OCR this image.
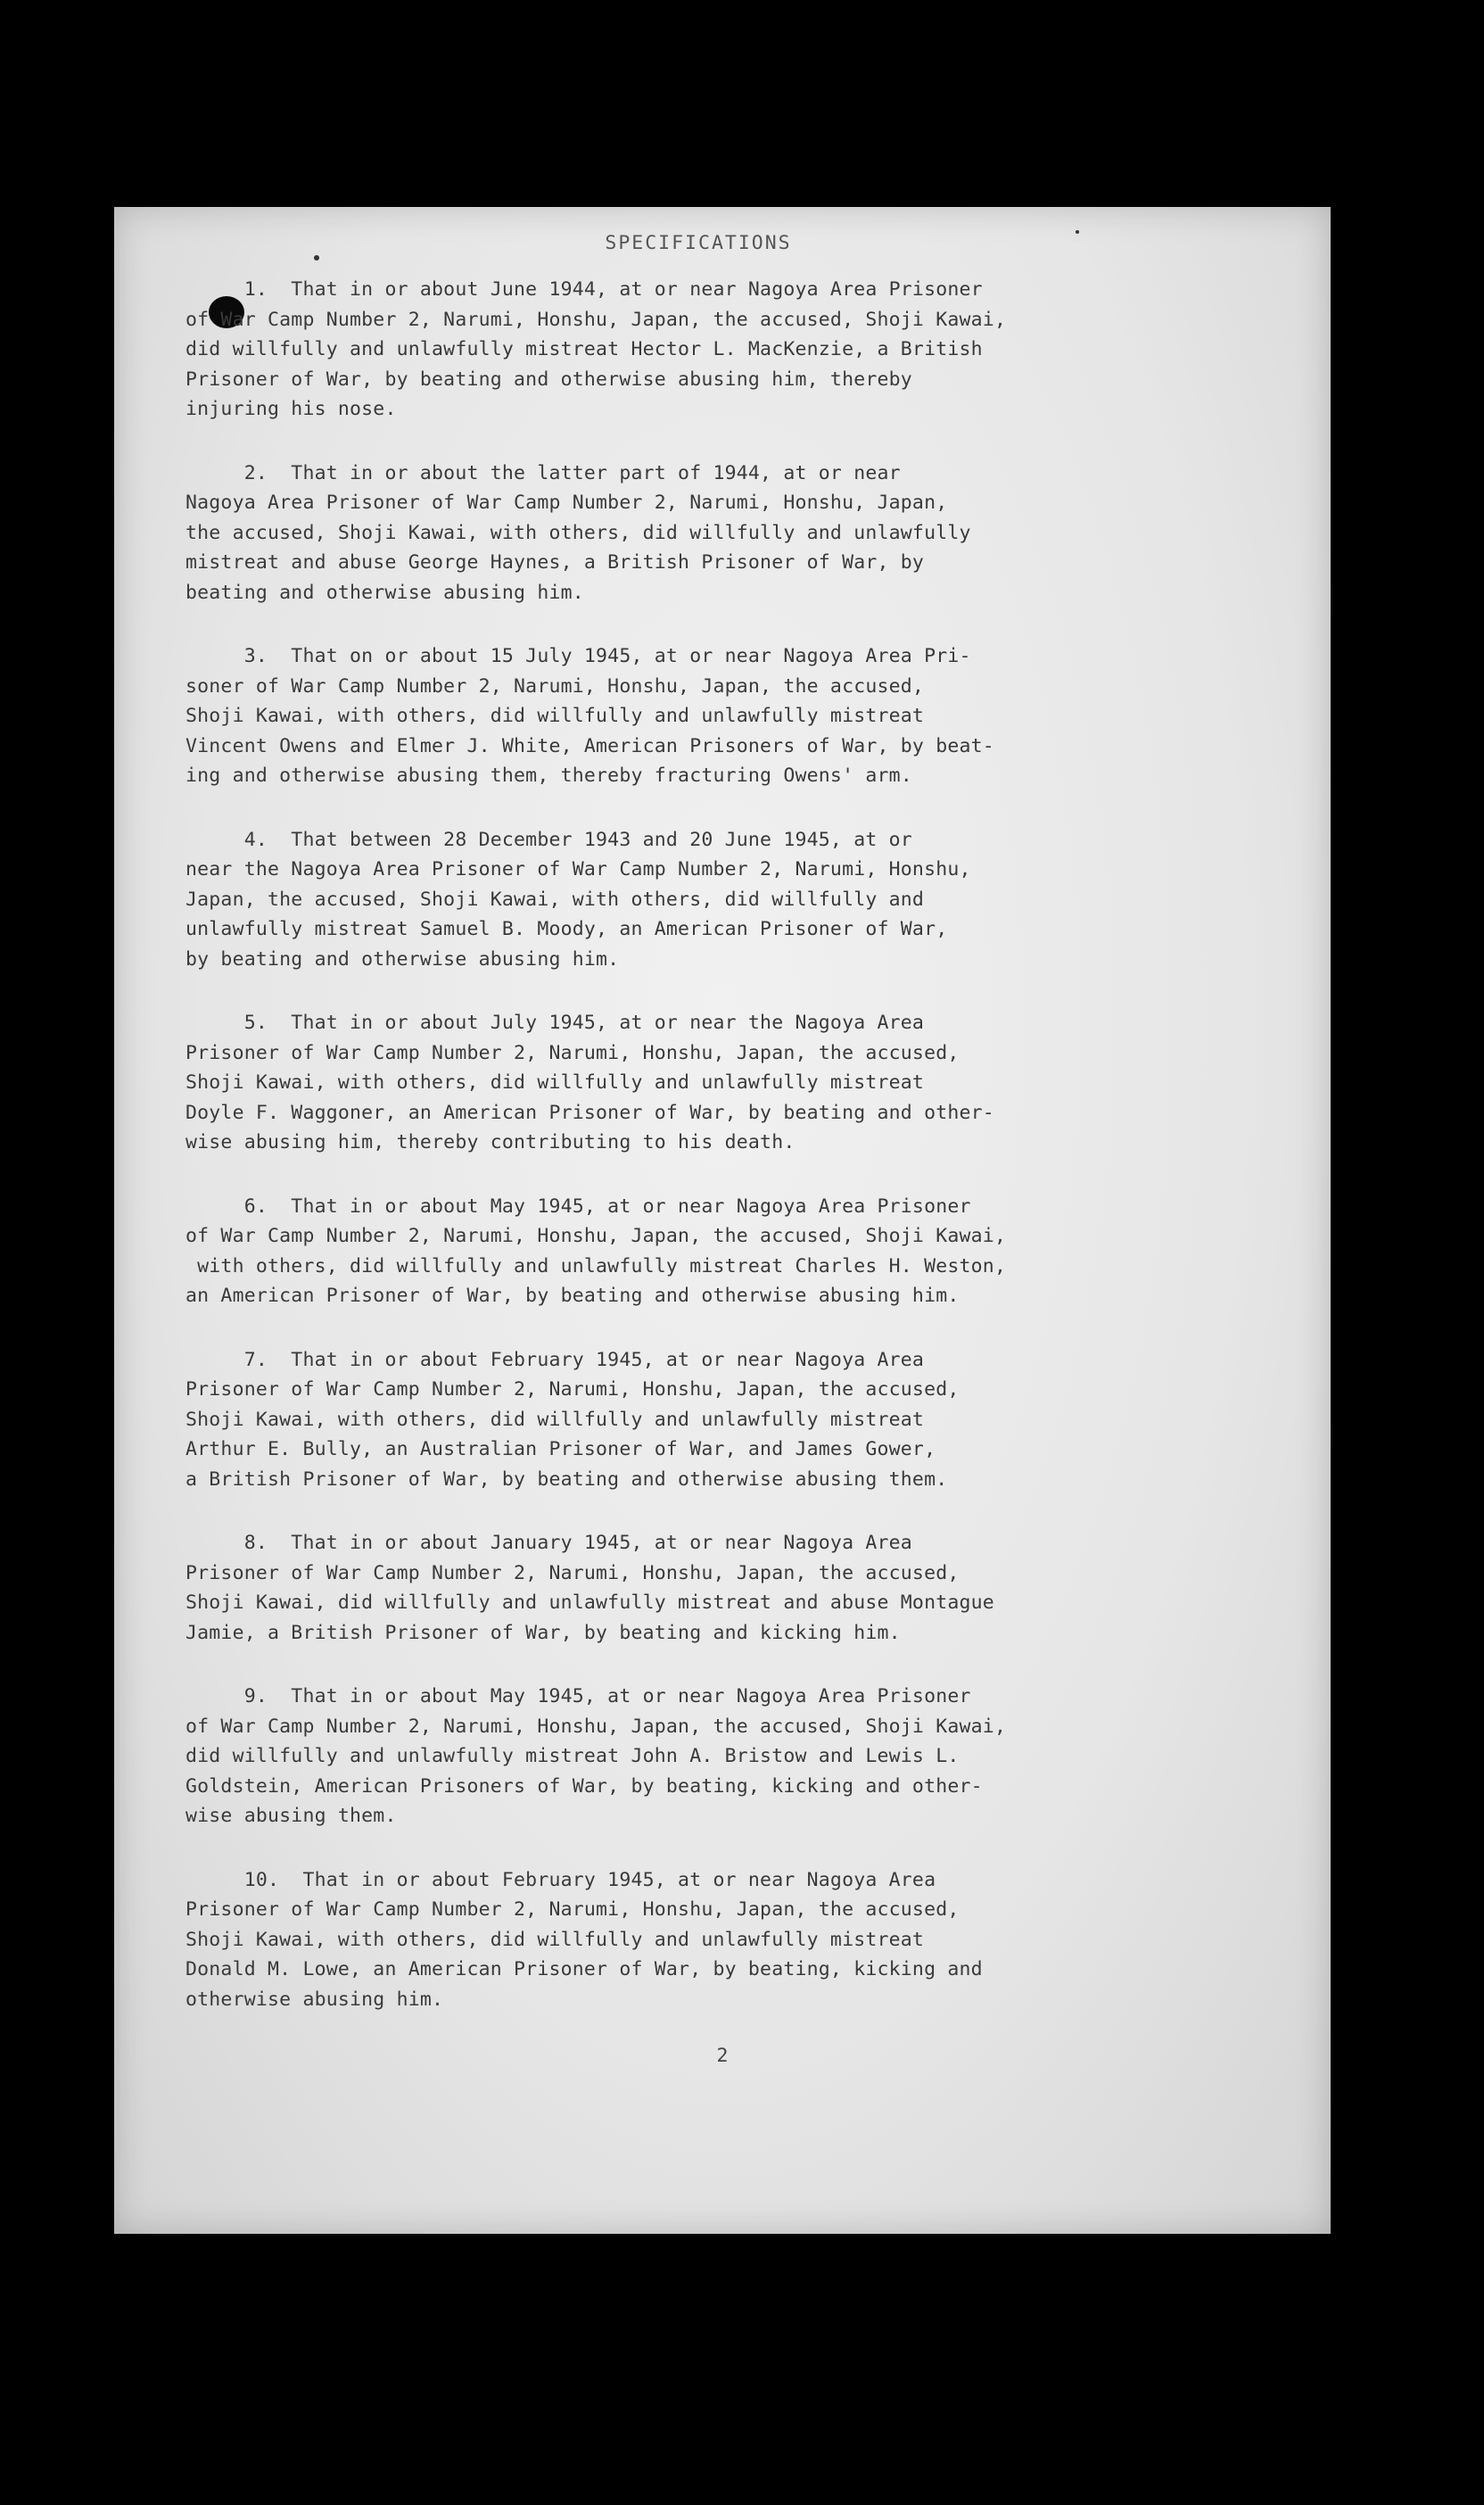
2
SPECIFICATIONS
1.  That in or about June 1944, at or near Nagoya Area Prisoner
of War Camp Number 2, Narumi, Honshu, Japan, the accused, Shoji Kawai,
did willfully and unlawfully mistreat Hector L. MacKenzie, a British
Prisoner of War, by beating and otherwise abusing him, thereby
injuring his nose.
2.  That in or about the latter part of 1944, at or near
Nagoya Area Prisoner of War Camp Number 2, Narumi, Honshu, Japan,
the accused, Shoji Kawai, with others, did willfully and unlawfully
mistreat and abuse George Haynes, a British Prisoner of War, by
beating and otherwise abusing him.
3.  That on or about 15 July 1945, at or near Nagoya Area Pri-
soner of War Camp Number 2, Narumi, Honshu, Japan, the accused,
Shoji Kawai, with others, did willfully and unlawfully mistreat
Vincent Owens and Elmer J. White, American Prisoners of War, by beat-
ing and otherwise abusing them, thereby fracturing Owens' arm.
4.  That between 28 December 1943 and 20 June 1945, at or
near the Nagoya Area Prisoner of War Camp Number 2, Narumi, Honshu,
Japan, the accused, Shoji Kawai, with others, did willfully and
unlawfully mistreat Samuel B. Moody, an American Prisoner of War,
by beating and otherwise abusing him.
5.  That in or about July 1945, at or near the Nagoya Area
Prisoner of War Camp Number 2, Narumi, Honshu, Japan, the accused,
Shoji Kawai, with others, did willfully and unlawfully mistreat
Doyle F. Waggoner, an American Prisoner of War, by beating and other-
wise abusing him, thereby contributing to his death.
6.  That in or about May 1945, at or near Nagoya Area Prisoner
of War Camp Number 2, Narumi, Honshu, Japan, the accused, Shoji Kawai,
with others, did willfully and unlawfully mistreat Charles H. Weston,
an American Prisoner of War, by beating and otherwise abusing him.
7.  That in or about February 1945, at or near Nagoya Area
Prisoner of War Camp Number 2, Narumi, Honshu, Japan, the accused,
Shoji Kawai, with others, did willfully and unlawfully mistreat
Arthur E. Bully, an Australian Prisoner of War, and James Gower,
a British Prisoner of War, by beating and otherwise abusing them.
8.  That in or about January 1945, at or near Nagoya Area
Prisoner of War Camp Number 2, Narumi, Honshu, Japan, the accused,
Shoji Kawai, did willfully and unlawfully mistreat and abuse Montague
Jamie, a British Prisoner of War, by beating and kicking him.
9.  That in or about May 1945, at or near Nagoya Area Prisoner
of War Camp Number 2, Narumi, Honshu, Japan, the accused, Shoji Kawai,
did willfully and unlawfully mistreat John A. Bristow and Lewis L.
Goldstein, American Prisoners of War, by beating, kicking and other-
wise abusing them.
10.  That in or about February 1945, at or near Nagoya Area
Prisoner of War Camp Number 2, Narumi, Honshu, Japan, the accused,
Shoji Kawai, with others, did willfully and unlawfully mistreat
Donald M. Lowe, an American Prisoner of War, by beating, kicking and
otherwise abusing him.
